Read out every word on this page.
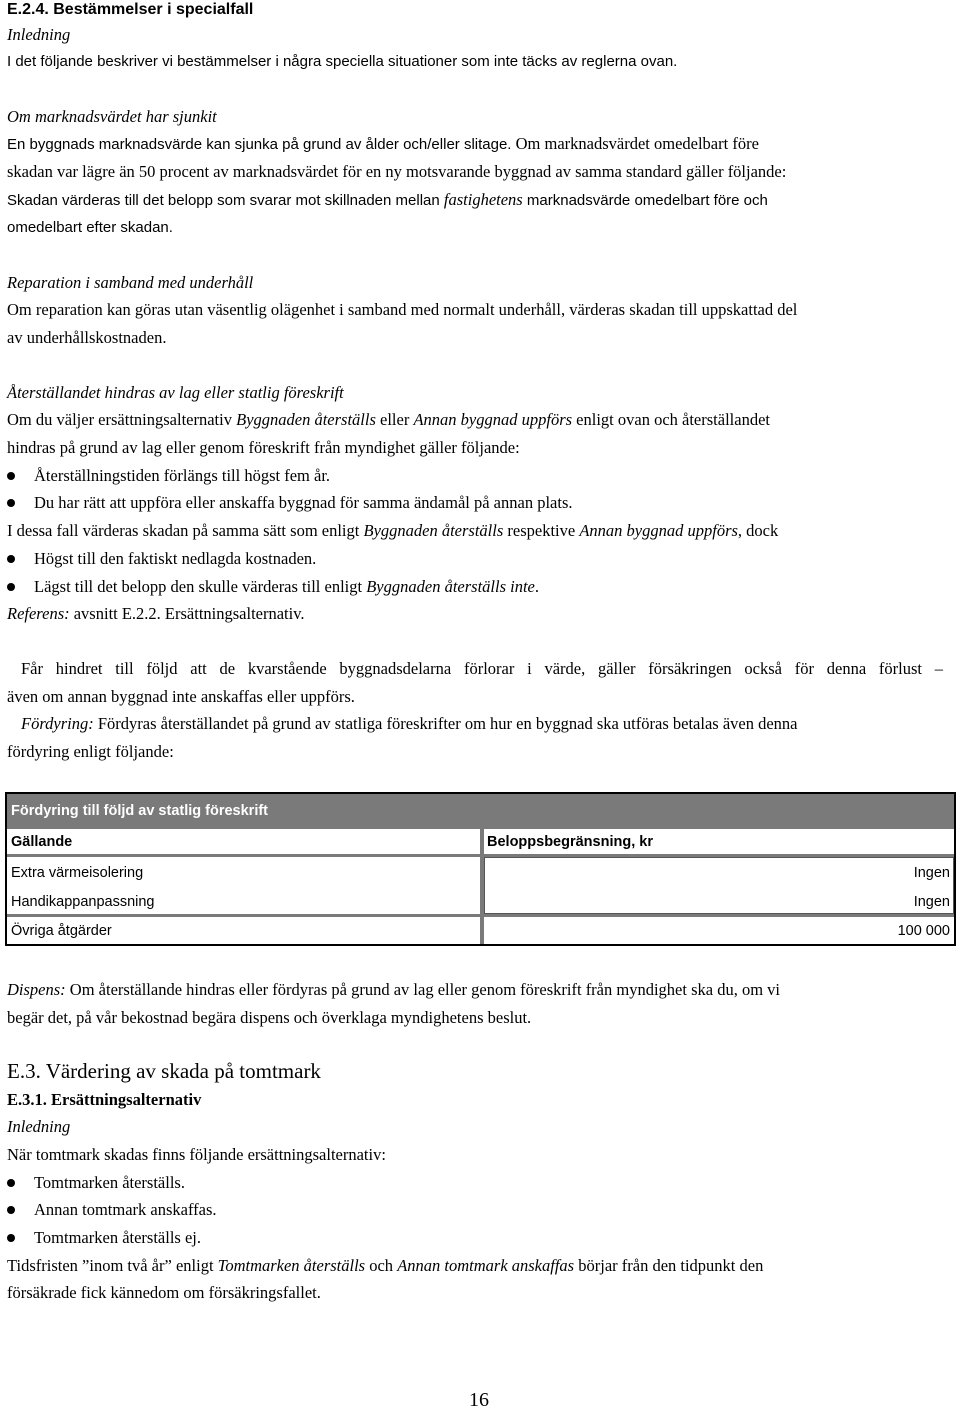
E.2.4. Bestämmelser i specialfall
Inledning
I det följande beskriver vi bestämmelser i några speciella situationer som inte täcks av reglerna ovan.
Om marknadsvärdet har sjunkit
En byggnads marknadsvärde kan sjunka på grund av ålder och/eller slitage. Om marknadsvärdet omedelbart före
skadan var lägre än 50 procent av marknadsvärdet för en ny motsvarande byggnad av samma standard gäller följande:
Skadan värderas till det belopp som svarar mot skillnaden mellan fastighetens marknadsvärde omedelbart före och
omedelbart efter skadan.
Reparation i samband med underhåll
Om reparation kan göras utan väsentlig olägenhet i samband med normalt underhåll, värderas skadan till uppskattad del
av underhållskostnaden.
Återställandet hindras av lag eller statlig föreskrift
Om du väljer ersättningsalternativ Byggnaden återställs eller Annan byggnad uppförs enligt ovan och återställandet
hindras på grund av lag eller genom föreskrift från myndighet gäller följande:
Återställningstiden förlängs till högst fem år.
Du har rätt att uppföra eller anskaffa byggnad för samma ändamål på annan plats.
I dessa fall värderas skadan på samma sätt som enligt Byggnaden återställs respektive Annan byggnad uppförs, dock
Högst till den faktiskt nedlagda kostnaden.
Lägst till det belopp den skulle värderas till enligt Byggnaden återställs inte.
Referens: avsnitt E.2.2. Ersättningsalternativ.
Får hindret till följd att de kvarstående byggnadsdelarna förlorar i värde, gäller försäkringen också för denna förlust –
även om annan byggnad inte anskaffas eller uppförs.
Fördyring: Fördyras återställandet på grund av statliga föreskrifter om hur en byggnad ska utföras betalas även denna
fördyring enligt följande:
Fördyring till följd av statlig föreskrift
Gällande	Beloppsbegränsning, kr
Extra värmeisolering	Ingen
Handikappanpassning	Ingen
Övriga åtgärder	100 000
Dispens: Om återställande hindras eller fördyras på grund av lag eller genom föreskrift från myndighet ska du, om vi
begär det, på vår bekostnad begära dispens och överklaga myndighetens beslut.
E.3. Värdering av skada på tomtmark
E.3.1. Ersättningsalternativ
Inledning
När tomtmark skadas finns följande ersättningsalternativ:
Tomtmarken återställs.
Annan tomtmark anskaffas.
Tomtmarken återställs ej.
Tidsfristen ”inom två år” enligt Tomtmarken återställs och Annan tomtmark anskaffas börjar från den tidpunkt den
försäkrade fick kännedom om försäkringsfallet.
16
